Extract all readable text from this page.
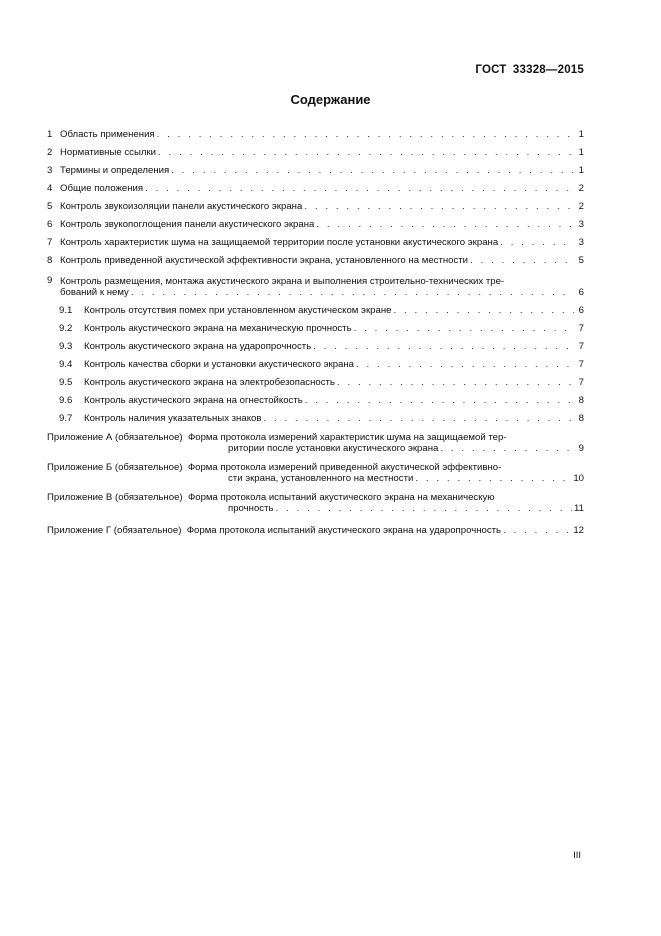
ГОСТ 33328—2015
Содержание
1 Область применения . . .	1
2 Нормативные ссылки . . .	1
3 Термины и определения . . .	1
4 Общие положения . . .	2
5 Контроль звукоизоляции панели акустического экрана . . .	2
6 Контроль звукопоглощения панели акустического экрана . . .	3
7 Контроль характеристик шума на защищаемой территории после установки акустического экрана . . .	3
8 Контроль приведенной акустической эффективности экрана, установленного на местности . . .	5
9 Контроль размещения, монтажа акустического экрана и выполнения строительно-технических тре-
бований к нему . . .	6
9.1	Контроль отсутствия помех при установленном акустическом экране . . .	6
9.2	Контроль акустического экрана на механическую прочность . . .	7
9.3	Контроль акустического экрана на ударопрочность . . .	7
9.4	Контроль качества сборки и установки акустического экрана . . .	7
9.5	Контроль акустического экрана на электробезопасность . . .	7
9.6	Контроль акустического экрана на огнестойкость . . .	8
9.7	Контроль наличия указательных знаков . . .	8
Приложение А (обязательное) Форма протокола измерений характеристик шума на защищаемой тер-
ритории после установки акустического экрана . . .	9
Приложение Б (обязательное) Форма протокола измерений приведенной акустической эффективно-
сти экрана, установленного на местности . . .	10
Приложение В (обязательное) Форма протокола испытаний акустического экрана на механическую
прочность . . .	11
Приложение Г (обязательное)
Форма протокола испытаний акустического экрана на ударопрочность . . .	12
III
